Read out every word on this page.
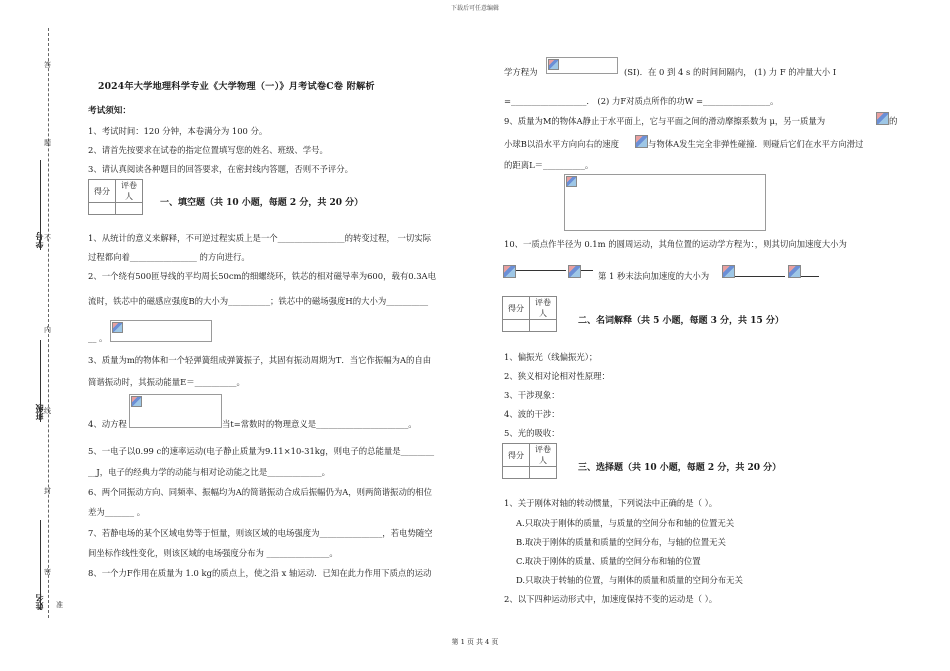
下载后可任意编辑
答
题
不
内
线
封
密
准
学号
班级
姓名
2024年大学地理科学专业《大学物理（一）》月考试卷C卷 附解析
考试须知：
1、考试时间：120 分钟，本卷满分为 100 分。
2、请首先按要求在试卷的指定位置填写您的姓名、班级、学号。
3、请认真阅读各种题目的回答要求，在密封线内答题，否则不予评分。
得分	评卷人

一、填空题（共 10 小题，每题 2 分，共 20 分）
1、从统计的意义来解释，不可逆过程实质上是一个________________的转变过程， 一切实际
过程都向着________________ 的方向进行。
2、一个绕有500匝导线的平均周长50cm的细螺绕环，铁芯的相对磁导率为600，载有0.3A电
流时，铁芯中的磁感应强度B的大小为__________；铁芯中的磁场强度H的大小为__________
__ 。
3、质量为m的物体和一个轻弹簧组成弹簧振子，其固有振动周期为T．当它作振幅为A的自由
简谐振动时，其振动能量E＝__________。
4、动方程	当t=常数时的物理意义是______________________。
5、一电子以0.99 c的速率运动(电子静止质量为9.11×10-31kg，则电子的总能量是________
__J，电子的经典力学的动能与相对论动能之比是_____________。
6、两个同振动方向、同频率、振幅均为A的简谐振动合成后振幅仍为A，则两简谐振动的相位
差为_______ 。
7、若静电场的某个区域电势等于恒量，则该区域的电场强度为_______________，若电势随空
间坐标作线性变化，则该区域的电场强度分布为 _______________。
8、一个力F作用在质量为 1.0 kg的质点上，使之沿 x 轴运动．已知在此力作用下质点的运动
学方程为	(SI)．在 0 到 4 s 的时间间隔内， (1) 力 F 的冲量大小 I
=__________________． (2) 力F对质点所作的功W =________________。
9、质量为M的物体A静止于水平面上，它与平面之间的滑动摩擦系数为 μ，另一质量为	的
小球B以沿水平方向向右的速度	与物体A发生完全非弹性碰撞．则碰后它们在水平方向滑过
的距离L＝__________。
10、一质点作半径为 0.1m 的圆周运动，其角位置的运动学方程为：，则其切向加速度大小为
第 1 秒末法向加速度的大小为
得分	评卷人

二、名词解释（共 5 小题，每题 3 分，共 15 分）
1、偏振光（线偏振光）；
2、狭义相对论相对性原理：
3、干涉现象：
4、波的干涉：
5、光的吸收：
得分	评卷人

三、选择题（共 10 小题，每题 2 分，共 20 分）
1、关于刚体对轴的转动惯量，下列说法中正确的是（ ）。
A.只取决于刚体的质量，与质量的空间分布和轴的位置无关
B.取决于刚体的质量和质量的空间分布，与轴的位置无关
C.取决于刚体的质量、质量的空间分布和轴的位置
D.只取决于转轴的位置，与刚体的质量和质量的空间分布无关
2、以下四种运动形式中，加速度保持不变的运动是（ ）。
第 1 页 共 4 页
